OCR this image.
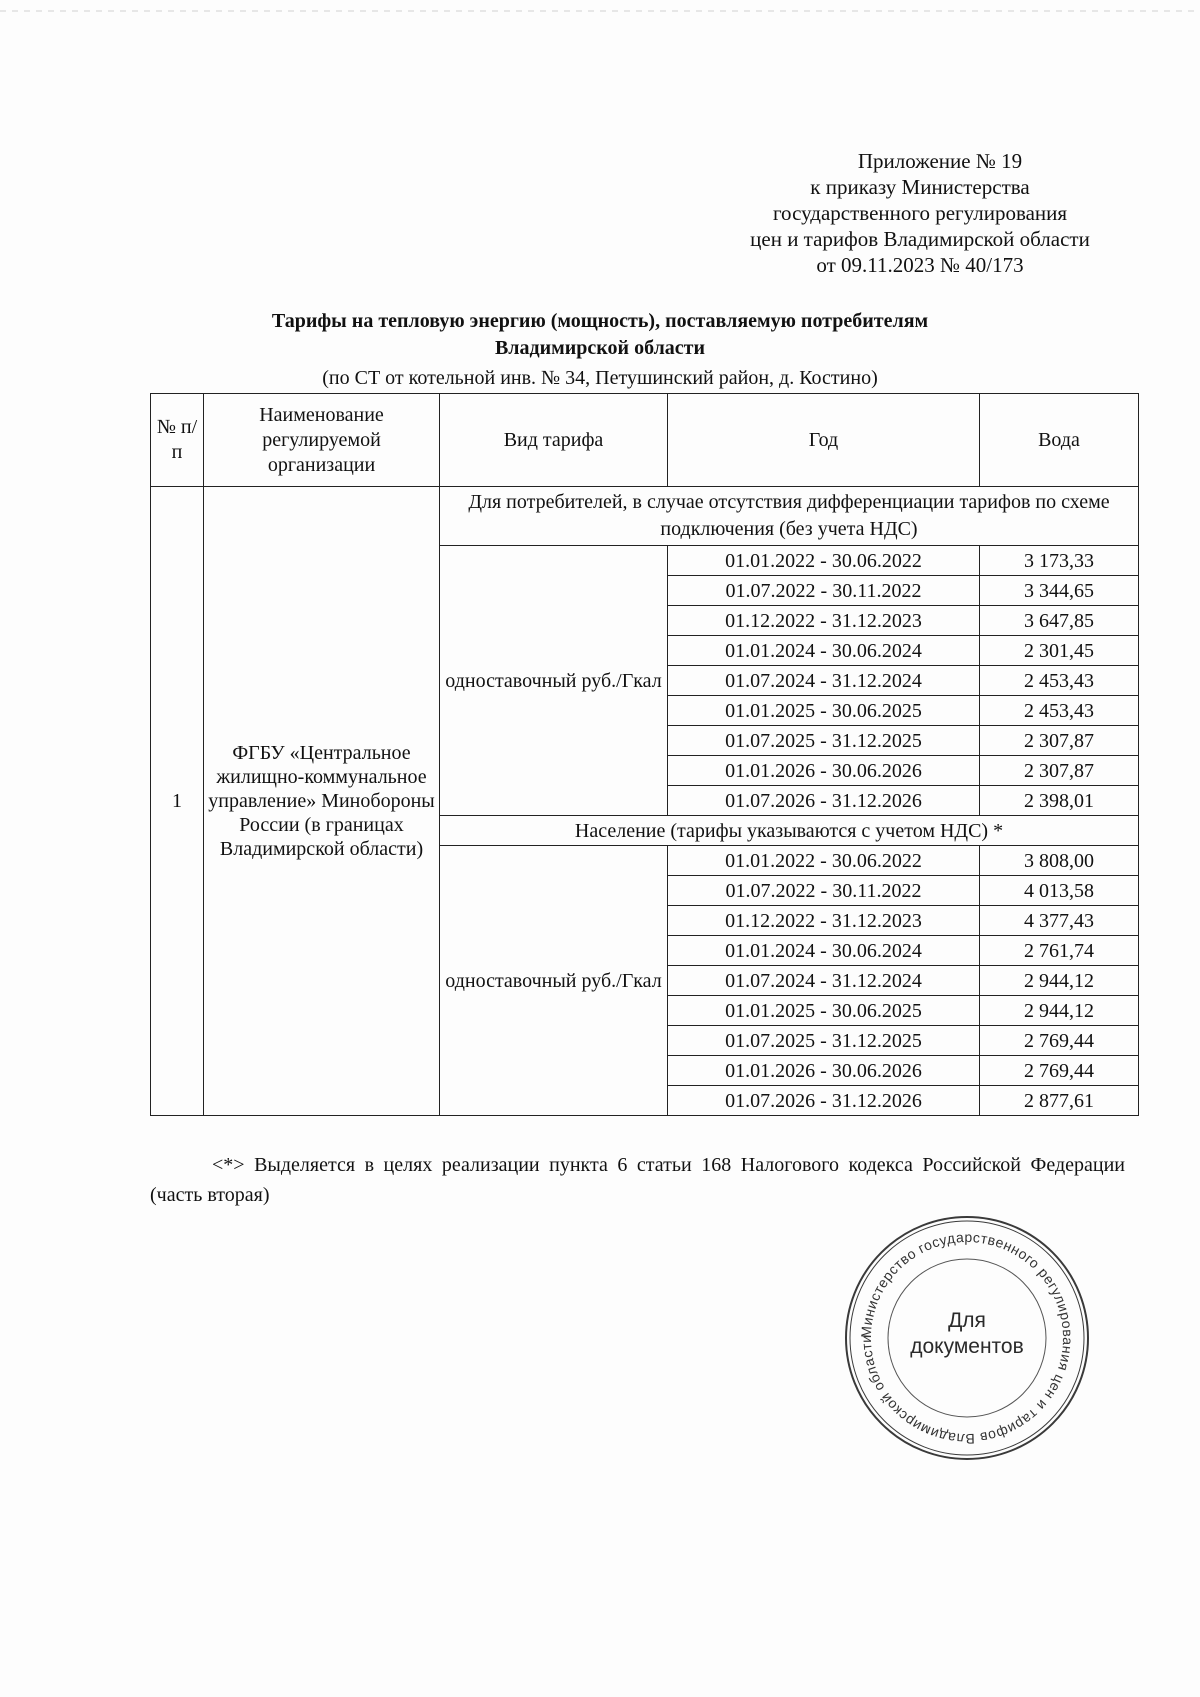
Приложение № 19
к приказу Министерства
государственного регулирования
цен и тарифов Владимирской области
от 09.11.2023 № 40/173
Тарифы на тепловую энергию (мощность), поставляемую потребителям
Владимирской области
(по СТ от котельной инв. № 34, Петушинский район, д. Костино)
№ п/п	Наименование регулируемой организации	Вид тарифа	Год	Вода
1	ФГБУ «Центральное жилищно-коммунальное управление» Минобороны России (в границах Владимирской области)	Для потребителей, в случае отсутствия дифференциации тарифов по схеме подключения (без учета НДС)		
		одноставочный руб./Гкал	01.01.2022 - 30.06.2022	3 173,33
			01.07.2022 - 30.11.2022	3 344,65
			01.12.2022 - 31.12.2023	3 647,85
			01.01.2024 - 30.06.2024	2 301,45
			01.07.2024 - 31.12.2024	2 453,43
			01.01.2025 - 30.06.2025	2 453,43
			01.07.2025 - 31.12.2025	2 307,87
			01.01.2026 - 30.06.2026	2 307,87
			01.07.2026 - 31.12.2026	2 398,01
		Население (тарифы указываются с учетом НДС) *		
		одноставочный руб./Гкал	01.01.2022 - 30.06.2022	3 808,00
			01.07.2022 - 30.11.2022	4 013,58
			01.12.2022 - 31.12.2023	4 377,43
			01.01.2024 - 30.06.2024	2 761,74
			01.07.2024 - 31.12.2024	2 944,12
			01.01.2025 - 30.06.2025	2 944,12
			01.07.2025 - 31.12.2025	2 769,44
			01.01.2026 - 30.06.2026	2 769,44
			01.07.2026 - 31.12.2026	2 877,61
<*> Выделяется в целях реализации пункта 6 статьи 168 Налогового кодекса Российской Федерации (часть вторая)
Министерство государственного регулирования цен и тарифов Владимирской области
Для
документов
